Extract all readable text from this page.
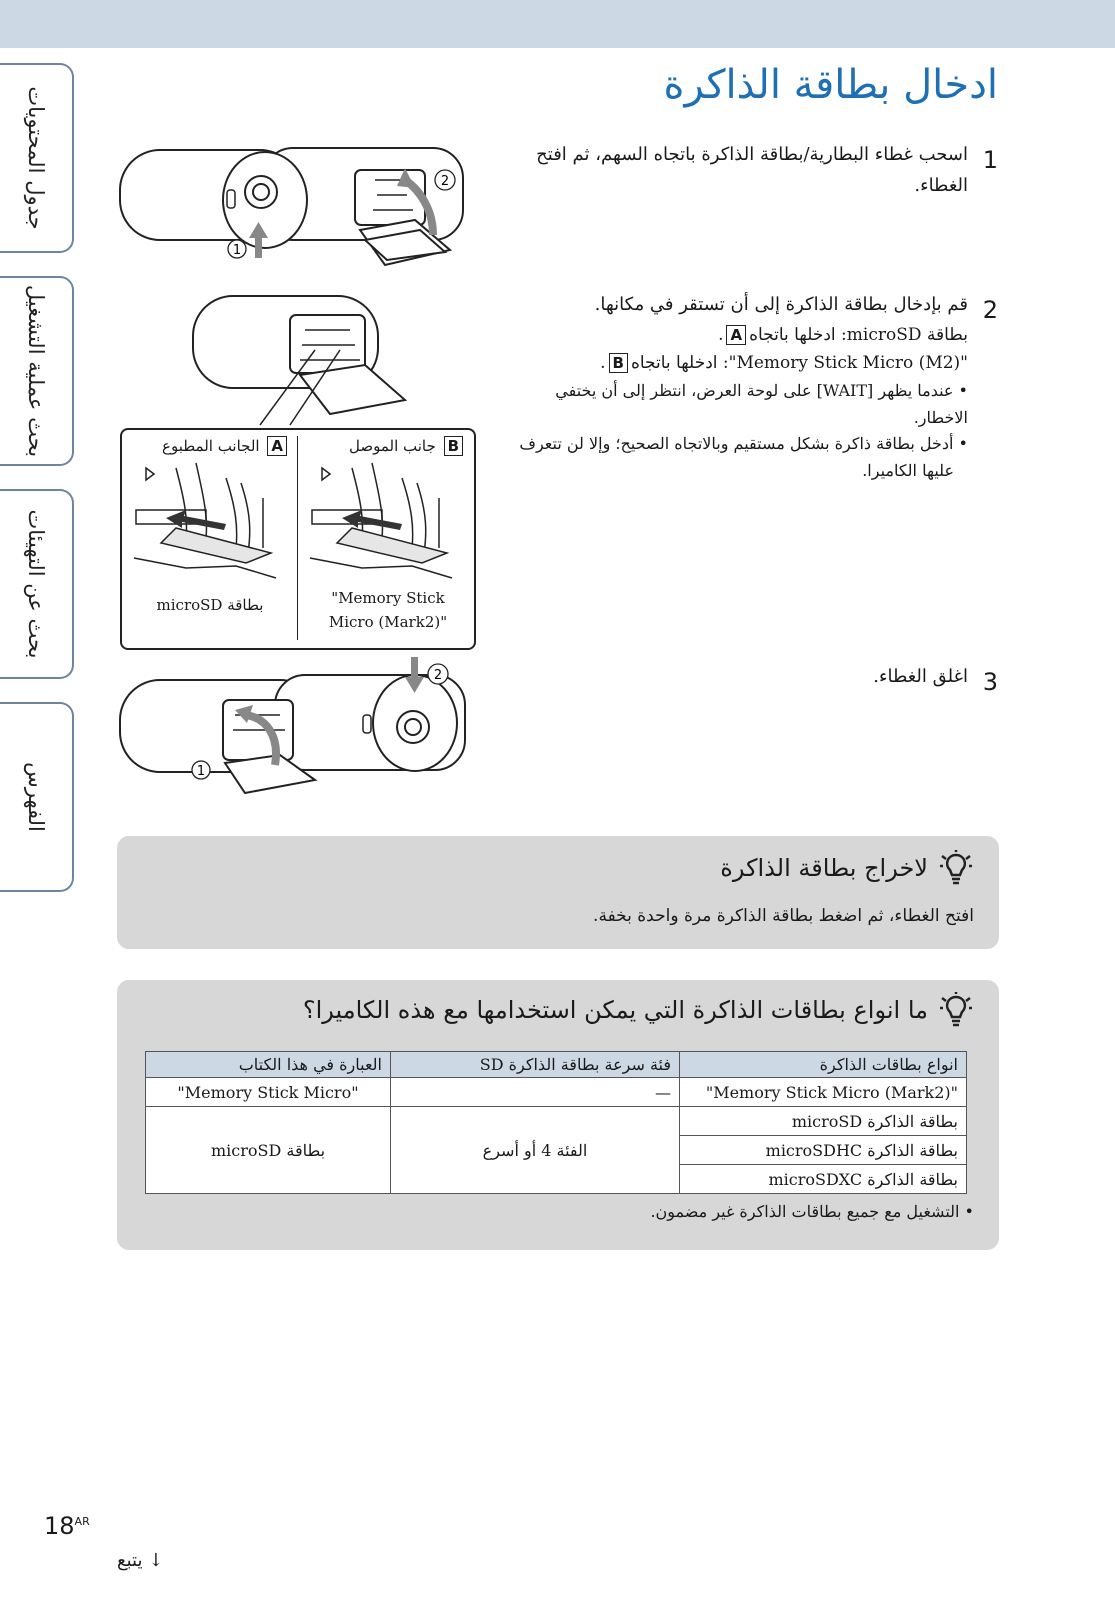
جدول المحتويات
بحث عملية التشغيل
بحث عن التهيئات
الفهرس
ادخال بطاقة الذاكرة
1
اسحب غطاء البطارية/بطاقة الذاكرة باتجاه السهم، ثم افتح
الغطاء.
2
قم بإدخال بطاقة الذاكرة إلى أن تستقر في مكانها.
بطاقة microSD: ادخلها باتجاهA.
"Memory Stick Micro (M2)": ادخلها باتجاهB.
• عندما يظهر [WAIT] على لوحة العرض، انتظر إلى أن يختفي الاخطار.
• أدخل بطاقة ذاكرة بشكل مستقيم وبالاتجاه الصحيح؛ وإلا لن تتعرف
عليها الكاميرا.
3
اغلق الغطاء.
1
2
A الجانب المطبوع	B جانب الموصل
بطاقة microSD	"Memory Stick
Micro (Mark2)"
1
2
لاخراج بطاقة الذاكرة
افتح الغطاء، ثم اضغط بطاقة الذاكرة مرة واحدة بخفة.
ما انواع بطاقات الذاكرة التي يمكن استخدامها مع هذه الكاميرا؟
انواع بطاقات الذاكرة	فئة سرعة بطاقة الذاكرة SD	العبارة في هذا الكتاب
"Memory Stick Micro (Mark2)"	—	"Memory Stick Micro"
بطاقة الذاكرة microSD	الفئة 4 أو أسرع	بطاقة microSD
بطاقة الذاكرة microSDHC		
بطاقة الذاكرة microSDXC		
• التشغيل مع جميع بطاقات الذاكرة غير مضمون.
$18^{AR}$
↓ يتبع
